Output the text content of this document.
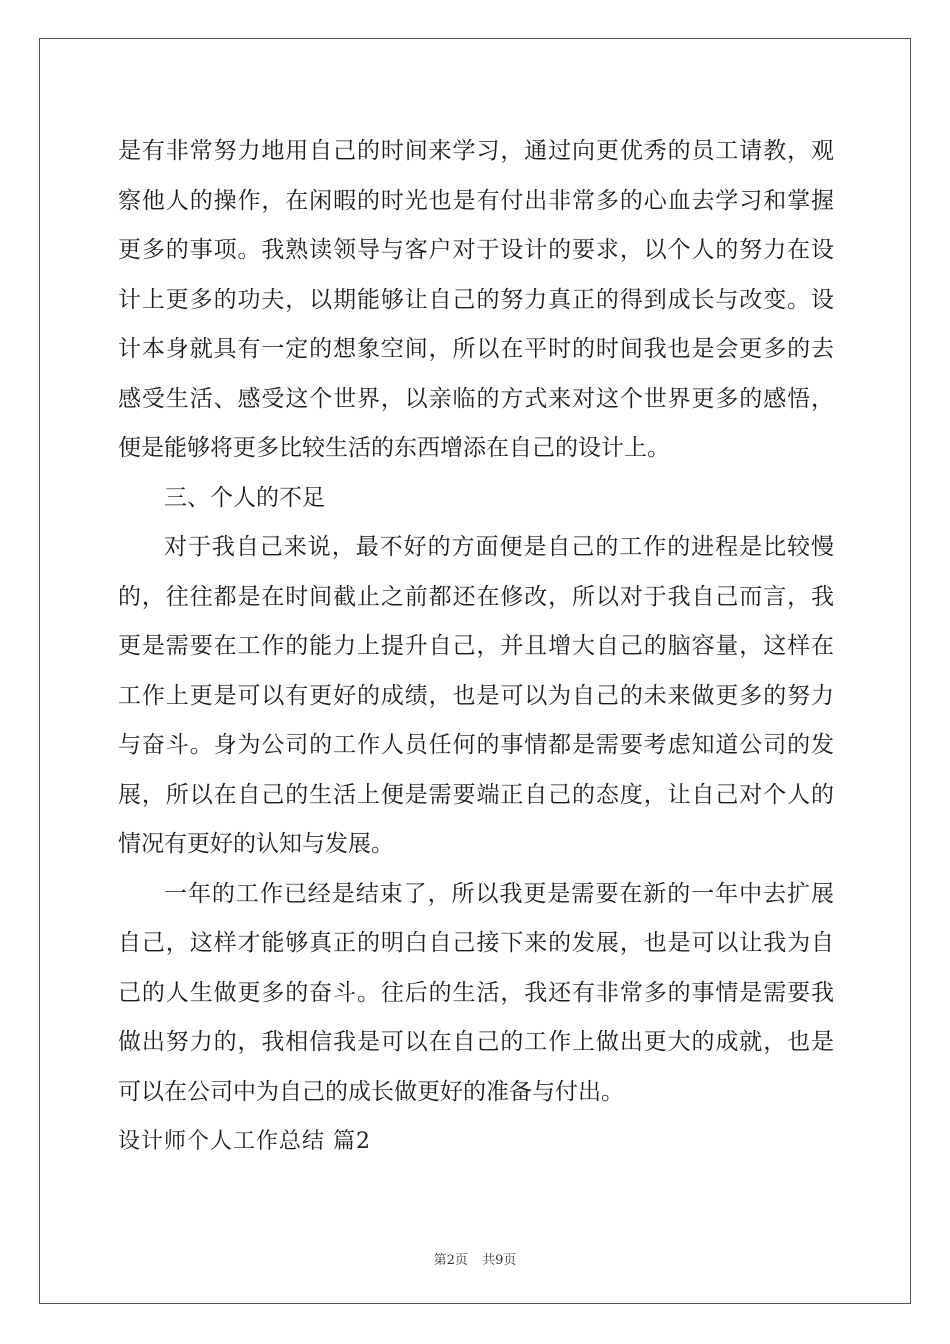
是有非常努力地用自己的时间来学习，通过向更优秀的员工请教，观
察他人的操作，在闲暇的时光也是有付出非常多的心血去学习和掌握
更多的事项。我熟读领导与客户对于设计的要求，以个人的努力在设
计上更多的功夫，以期能够让自己的努力真正的得到成长与改变。设
计本身就具有一定的想象空间，所以在平时的时间我也是会更多的去
感受生活、感受这个世界，以亲临的方式来对这个世界更多的感悟，
便是能够将更多比较生活的东西增添在自己的设计上。
三、个人的不足
对于我自己来说，最不好的方面便是自己的工作的进程是比较慢
的，往往都是在时间截止之前都还在修改，所以对于我自己而言，我
更是需要在工作的能力上提升自己，并且增大自己的脑容量，这样在
工作上更是可以有更好的成绩，也是可以为自己的未来做更多的努力
与奋斗。身为公司的工作人员任何的事情都是需要考虑知道公司的发
展，所以在自己的生活上便是需要端正自己的态度，让自己对个人的
情况有更好的认知与发展。
一年的工作已经是结束了，所以我更是需要在新的一年中去扩展
自己，这样才能够真正的明白自己接下来的发展，也是可以让我为自
己的人生做更多的奋斗。往后的生活，我还有非常多的事情是需要我
做出努力的，我相信我是可以在自己的工作上做出更大的成就，也是
可以在公司中为自己的成长做更好的准备与付出。
设计师个人工作总结 篇2
第2页 共9页
